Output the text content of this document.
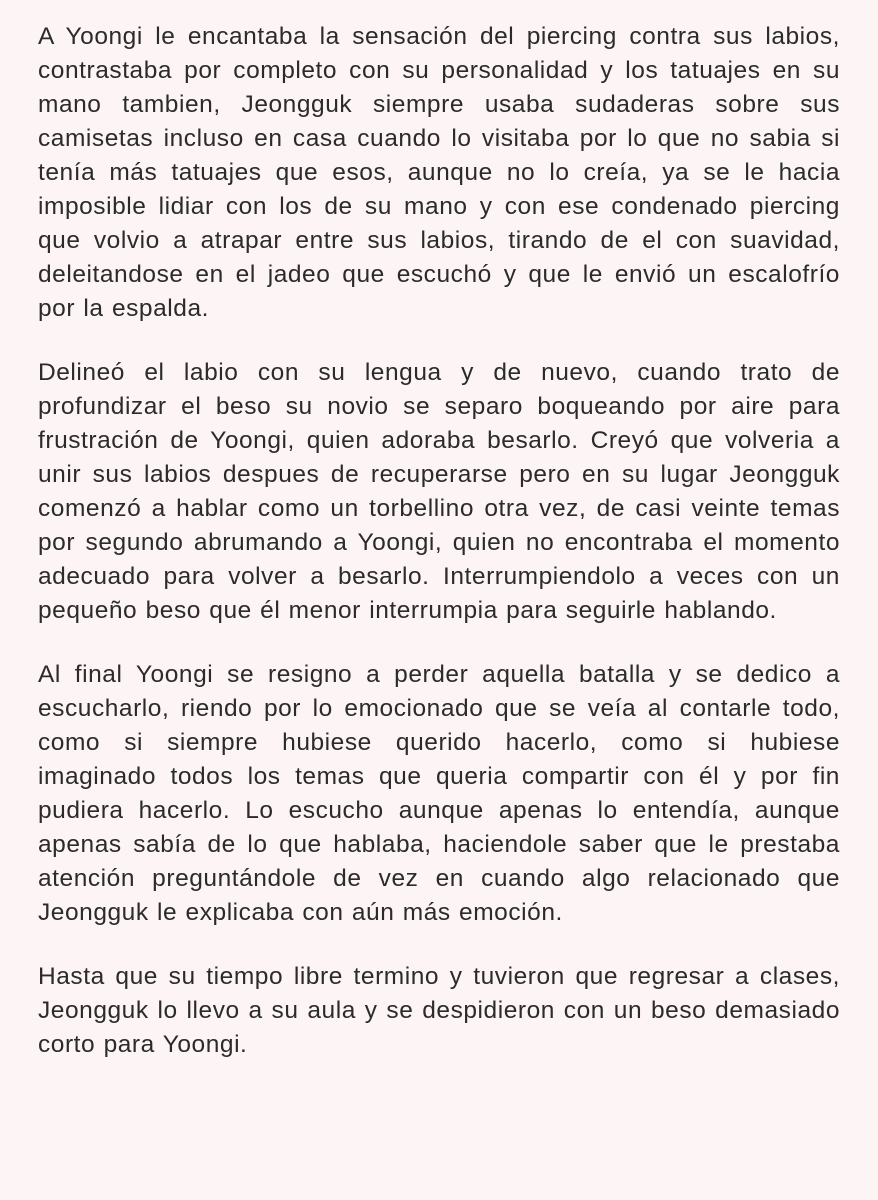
A Yoongi le encantaba la sensación del piercing contra sus labios, contrastaba por completo con su personalidad y los tatuajes en su mano tambien, Jeongguk siempre usaba sudaderas sobre sus camisetas incluso en casa cuando lo visitaba por lo que no sabia si tenía más tatuajes que esos, aunque no lo creía, ya se le hacia imposible lidiar con los de su mano y con ese condenado piercing que volvio a atrapar entre sus labios, tirando de el con suavidad, deleitandose en el jadeo que escuchó y que le envió un escalofrío por la espalda.

Delineó el labio con su lengua y de nuevo, cuando trato de profundizar el beso su novio se separo boqueando por aire para frustración de Yoongi, quien adoraba besarlo. Creyó que volveria a unir sus labios despues de recuperarse pero en su lugar Jeongguk comenzó a hablar como un torbellino otra vez, de casi veinte temas por segundo abrumando a Yoongi, quien no encontraba el momento adecuado para volver a besarlo. Interrumpiendolo a veces con un pequeño beso que él menor interrumpia para seguirle hablando.

Al final Yoongi se resigno a perder aquella batalla y se dedico a escucharlo, riendo por lo emocionado que se veía al contarle todo, como si siempre hubiese querido hacerlo, como si hubiese imaginado todos los temas que queria compartir con él y por fin pudiera hacerlo. Lo escucho aunque apenas lo entendía, aunque apenas sabía de lo que hablaba, haciendole saber que le prestaba atención preguntándole de vez en cuando algo relacionado que Jeongguk le explicaba con aún más emoción.

Hasta que su tiempo libre termino y tuvieron que regresar a clases, Jeongguk lo llevo a su aula y se despidieron con un beso demasiado corto para Yoongi.
